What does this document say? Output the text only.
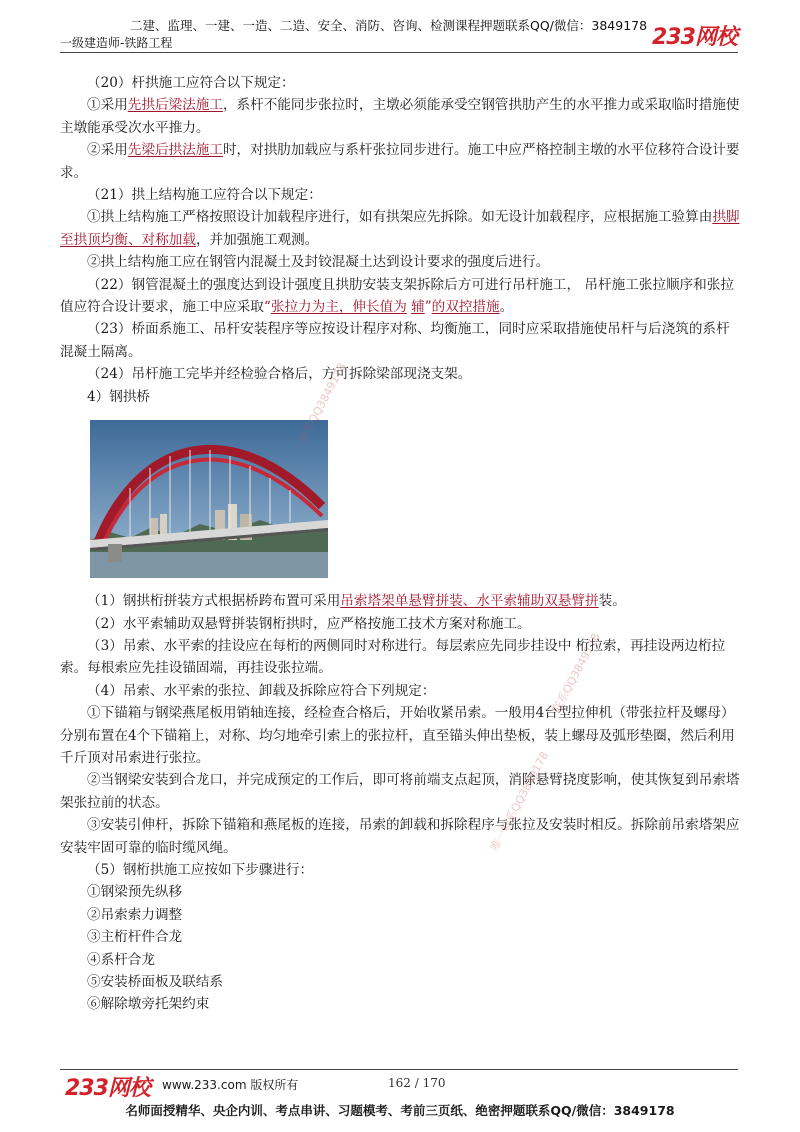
二建、监理、一建、一造、二造、安全、消防、咨询、检测课程押题联系QQ/微信：3849178 233网校
一级建造师-铁路工程

（20）杆拱施工应符合以下规定：

①采用先拱后梁法施工，系杆不能同步张拉时，主墩必须能承受空钢管拱肋产生的水平推力或采取临时措施使主墩能承受次水平推力。

②采用先梁后拱法施工时，对拱肋加载应与系杆张拉同步进行。施工中应严格控制主墩的水平位移符合设计要求。

（21）拱上结构施工应符合以下规定：

①拱上结构施工严格按照设计加载程序进行，如有拱架应先拆除。如无设计加载程序，应根据施工验算由拱脚至拱顶均衡、对称加载，并加强施工观测。

②拱上结构施工应在钢管内混凝土及封铰混凝土达到设计要求的强度后进行。

（22）钢管混凝土的强度达到设计强度且拱肋安装支架拆除后方可进行吊杆施工， 吊杆施工张拉顺序和张拉值应符合设计要求，施工中应采取“张拉力为主，伸长值为 辅”的双控措施。

（23）桥面系施工、吊杆安装程序等应按设计程序对称、均衡施工，同时应采取措施使吊杆与后浇筑的系杆混凝土隔离。

（24）吊杆施工完毕并经检验合格后，方可拆除梁部现浇支架。

4）钢拱桥

（1）钢拱桁拼装方式根据桥跨布置可采用吊索塔架单悬臂拼装、水平索辅助双悬臂拼装。

（2）水平索辅助双悬臂拼装钢桁拱时，应严格按施工技术方案对称施工。

（3）吊索、水平索的挂设应在每桁的两侧同时对称进行。每层索应先同步挂设中 桁拉索，再挂设两边桁拉索。每根索应先挂设锚固端，再挂设张拉端。

（4）吊索、水平索的张拉、卸载及拆除应符合下列规定：

①下锚箱与钢梁燕尾板用销轴连接，经检查合格后，开始收紧吊索。一般用4台型拉伸机（带张拉杆及螺母）分别布置在4个下锚箱上，对称、均匀地牵引索上的张拉杆，直至锚头伸出垫板，装上螺母及弧形垫圈，然后利用千斤顶对吊索进行张拉。

②当钢梁安装到合龙口，并完成预定的工作后，即可将前端支点起顶，消除悬臂挠度影响，使其恢复到吊索塔架张拉前的状态。

③安装引伸杆，拆除下锚箱和燕尾板的连接，吊索的卸载和拆除程序与张拉及安装时相反。拆除前吊索塔架应安装牢固可靠的临时缆风绳。

（5）钢桁拱施工应按如下步骤进行：

①钢梁预先纵移

②吊索索力调整

③主桁杆件合龙

④系杆合龙

⑤安装桥面板及联结系

⑥解除墩旁托架约束

联系QQ3849178
联系QQ3849178
唯一联系QQ3849178
233网校 www.233.com 版权所有	162 / 170
名师面授精华、央企内训、考点串讲、习题模考、考前三页纸、绝密押题联系QQ/微信：3849178
